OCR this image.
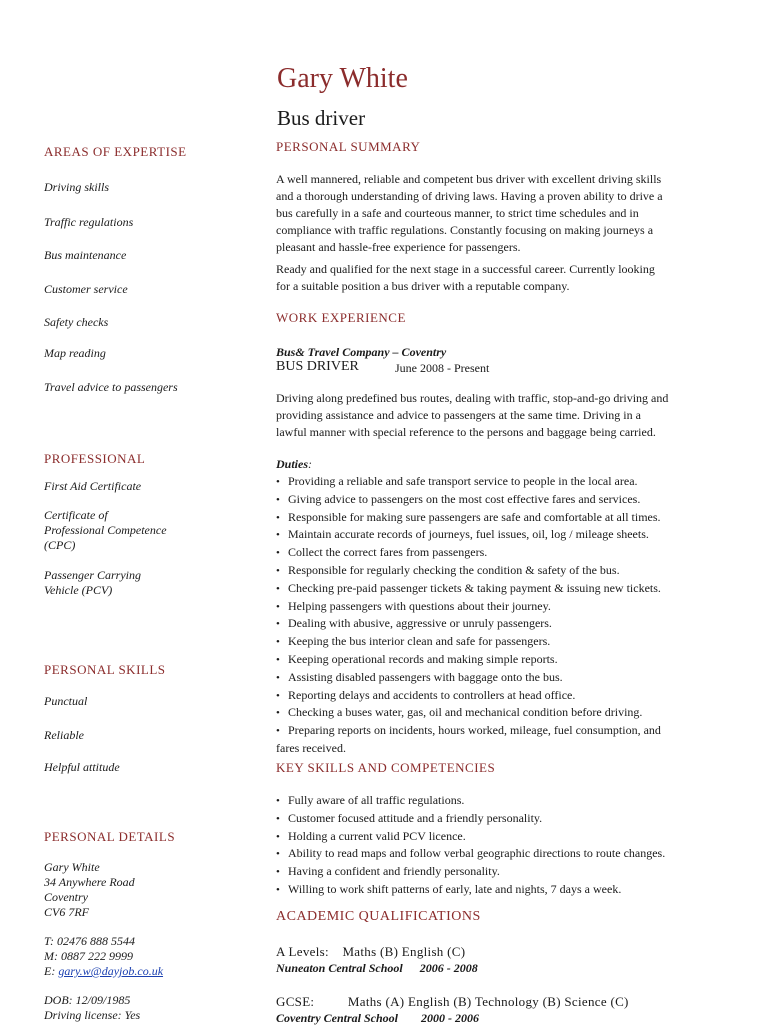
Gary White
Bus driver
AREAS OF EXPERTISE
Driving skills
Traffic regulations
Bus maintenance
Customer service
Safety checks
Map reading
Travel advice to passengers
PROFESSIONAL
First Aid Certificate
Certificate of
Professional Competence
(CPC)
Passenger Carrying
Vehicle (PCV)
PERSONAL SKILLS
Punctual
Reliable
Helpful attitude
PERSONAL DETAILS
Gary White
34 Anywhere Road
Coventry
CV6 7RF
T: 02476 888 5544
M: 0887 222 9999
E: gary.w@dayjob.co.uk
DOB: 12/09/1985
Driving license: Yes
PERSONAL SUMMARY
A well mannered, reliable and competent bus driver with excellent driving skills
and a thorough understanding of driving laws. Having a proven ability to drive a
bus carefully in a safe and courteous manner, to strict time schedules and in
compliance with traffic regulations. Constantly focusing on making journeys a
pleasant and hassle-free experience for passengers.
Ready and qualified for the next stage in a successful career. Currently looking
for a suitable position a bus driver with a reputable company.
WORK EXPERIENCE
Bus& Travel Company – Coventry
BUS DRIVER	June 2008 - Present
Driving along predefined bus routes, dealing with traffic, stop-and-go driving and
providing assistance and advice to passengers at the same time. Driving in a
lawful manner with special reference to the persons and baggage being carried.
Duties:
• Providing a reliable and safe transport service to people in the local area.
• Giving advice to passengers on the most cost effective fares and services.
• Responsible for making sure passengers are safe and comfortable at all times.
• Maintain accurate records of journeys, fuel issues, oil, log / mileage sheets.
• Collect the correct fares from passengers.
• Responsible for regularly checking the condition & safety of the bus.
• Checking pre-paid passenger tickets & taking payment & issuing new tickets.
• Helping passengers with questions about their journey.
• Dealing with abusive, aggressive or unruly passengers.
• Keeping the bus interior clean and safe for passengers.
• Keeping operational records and making simple reports.
• Assisting disabled passengers with baggage onto the bus.
• Reporting delays and accidents to controllers at head office.
• Checking a buses water, gas, oil and mechanical condition before driving.
• Preparing reports on incidents, hours worked, mileage, fuel consumption, and
fares received.
KEY SKILLS AND COMPETENCIES
• Fully aware of all traffic regulations.
• Customer focused attitude and a friendly personality.
• Holding a current valid PCV licence.
• Ability to read maps and follow verbal geographic directions to route changes.
• Having a confident and friendly personality.
• Willing to work shift patterns of early, late and nights, 7 days a week.
ACADEMIC QUALIFICATIONS
A Levels: Maths (B) English (C)
Nuneaton Central School 2006 - 2008
GCSE:	Maths (A) English (B) Technology (B) Science (C)
Coventry Central School 2000 - 2006
